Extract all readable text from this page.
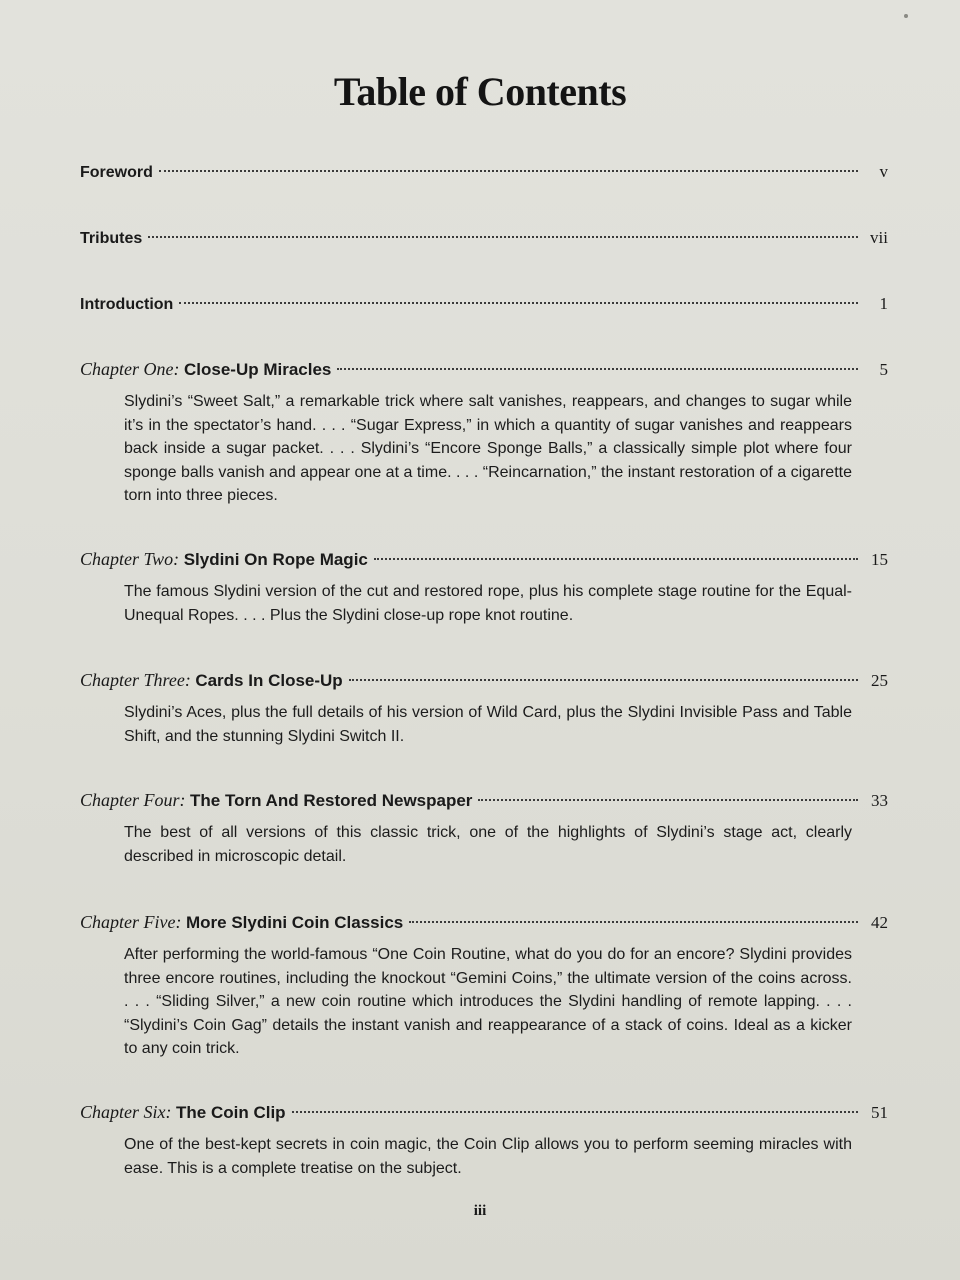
Table of Contents
Foreword	v
Tributes	vii
Introduction	1
Chapter One: Close-Up Miracles	5
Slydini’s “Sweet Salt,” a remarkable trick where salt vanishes, reappears, and changes to sugar while it’s in the spectator’s hand. . . . “Sugar Express,” in which a quantity of sugar vanishes and reappears back inside a sugar packet. . . . Slydini’s “Encore Sponge Balls,” a classically simple plot where four sponge balls vanish and appear one at a time. . . . “Reincarnation,” the instant restoration of a cigarette torn into three pieces.
Chapter Two: Slydini On Rope Magic	15
The famous Slydini version of the cut and restored rope, plus his complete stage routine for the Equal-Unequal Ropes. . . . Plus the Slydini close-up rope knot routine.
Chapter Three: Cards In Close-Up	25
Slydini’s Aces, plus the full details of his version of Wild Card, plus the Slydini Invisible Pass and Table Shift, and the stunning Slydini Switch II.
Chapter Four: The Torn And Restored Newspaper	33
The best of all versions of this classic trick, one of the highlights of Slydini’s stage act, clearly described in microscopic detail.
Chapter Five: More Slydini Coin Classics	42
After performing the world-famous “One Coin Routine, what do you do for an encore? Slydini provides three encore routines, including the knockout “Gemini Coins,” the ultimate version of the coins across. . . . “Sliding Silver,” a new coin routine which introduces the Slydini handling of remote lapping. . . . “Slydini’s Coin Gag” details the instant vanish and reappearance of a stack of coins. Ideal as a kicker to any coin trick.
Chapter Six: The Coin Clip	51
One of the best-kept secrets in coin magic, the Coin Clip allows you to perform seeming miracles with ease. This is a complete treatise on the subject.
iii
